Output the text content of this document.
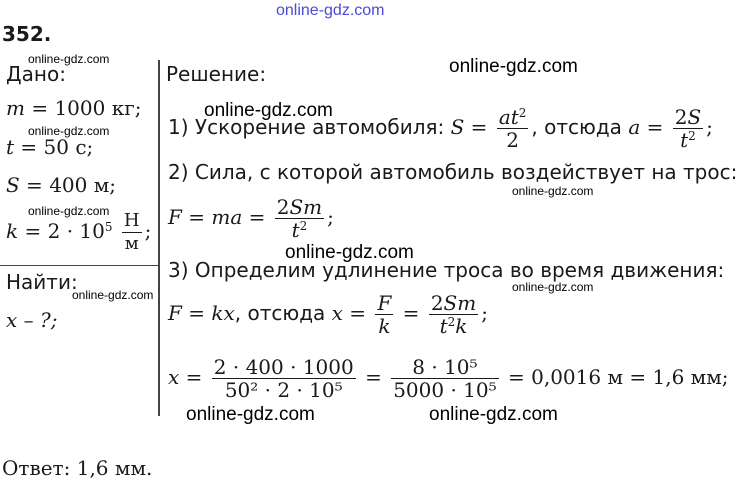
online-gdz.com
352.
Дано:
online-gdz.com
m = 1000 кг;
online-gdz.com
t = 50 с;
S = 400 м;
online-gdz.com
$k = 2 \cdot 10^5 \frac{Н}{м}$ ;
Найти:
online-gdz.com
x – ?;
Решение:	online-gdz.com
online-gdz.com
1) Ускорение автомобиля: $S = \frac{at^2}{2}$ , отсюда $a = \frac{2S}{t^2}$ ;
2) Сила, с которой автомобиль воздействует на трос:
online-gdz.com
F = ma = $\frac{2Sm}{t^2}$ ;
online-gdz.com
3) Определим удлинение троса во время движения:
online-gdz.com
F = kx, отсюда $x = \frac{F}{k} = \frac{2Sm}{t^2k}$ ;
$x = \frac{2 \cdot 400 \cdot 1000}{\text{50² · 2 · 10⁵}} = \frac{\text{8 · 10⁵}}{\text{5000 · 10⁵}} = 0,0016$ м = 1,6 мм;
online-gdz.com	online-gdz.com
Ответ: 1,6 мм.	online-gdz.com
